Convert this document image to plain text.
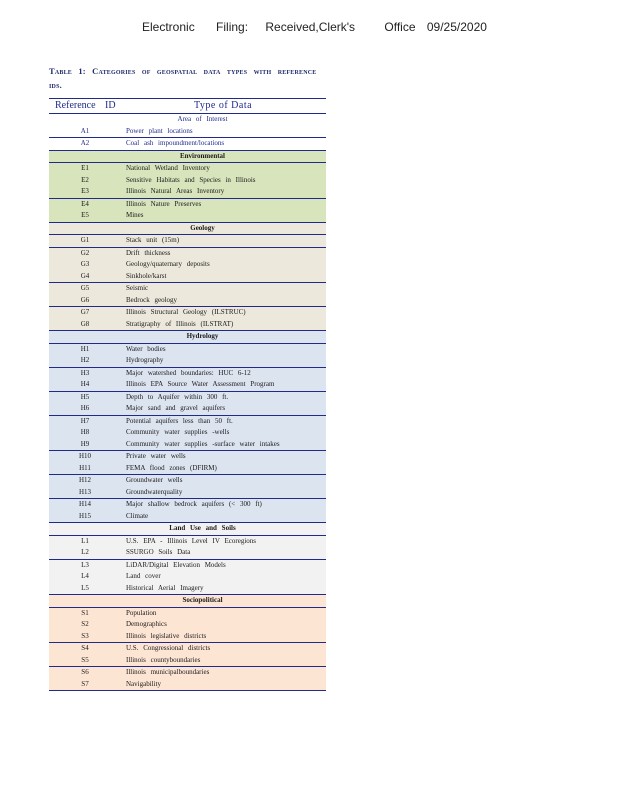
Electronic Filing: Received,Clerk's Office 09/25/2020
Table 1: Categories of geospatial data types with reference ids.
Reference ID	Type of Data
Area of Interest
A1	Power plant locations
A2	Coal ash impoundment/locations
Environmental
E1	National Wetland Inventory
E2	Sensitive Habitats and Species in Illinois
E3	Illinois Natural Areas Inventory
E4	Illinois Nature Preserves
E5	Mines
Geology
G1	Stack unit (15m)
G2	Drift thickness
G3	Geology/quaternary deposits
G4	Sinkhole/karst
G5	Seismic
G6	Bedrock geology
G7	Illinois Structural Geology (ILSTRUC)
G8	Stratigraphy of Illinois (ILSTRAT)
Hydrology
H1	Water bodies
H2	Hydrography
H3	Major watershed boundaries: HUC 6-12
H4	Illinois EPA Source Water Assessment Program
H5	Depth to Aquifer within 300 ft.
H6	Major sand and gravel aquifers
H7	Potential aquifers less than 50 ft.
H8	Community water supplies -wells
H9	Community water supplies -surface water intakes
H10	Private water wells
H11	FEMA flood zones (DFIRM)
H12	Groundwater wells
H13	Groundwaterquality
H14	Major shallow bedrock aquifers (< 300 ft)
H15	Climate
Land Use and Soils
L1	U.S. EPA - Illinois Level IV Ecoregions
L2	SSURGO Soils Data
L3	LiDAR/Digital Elevation Models
L4	Land cover
L5	Historical Aerial Imagery
Sociopolitical
S1	Population
S2	Demographics
S3	Illinois legislative districts
S4	U.S. Congressional districts
S5	Illinois countyboundaries
S6	Illinois municipalboundaries
S7	Navigability
